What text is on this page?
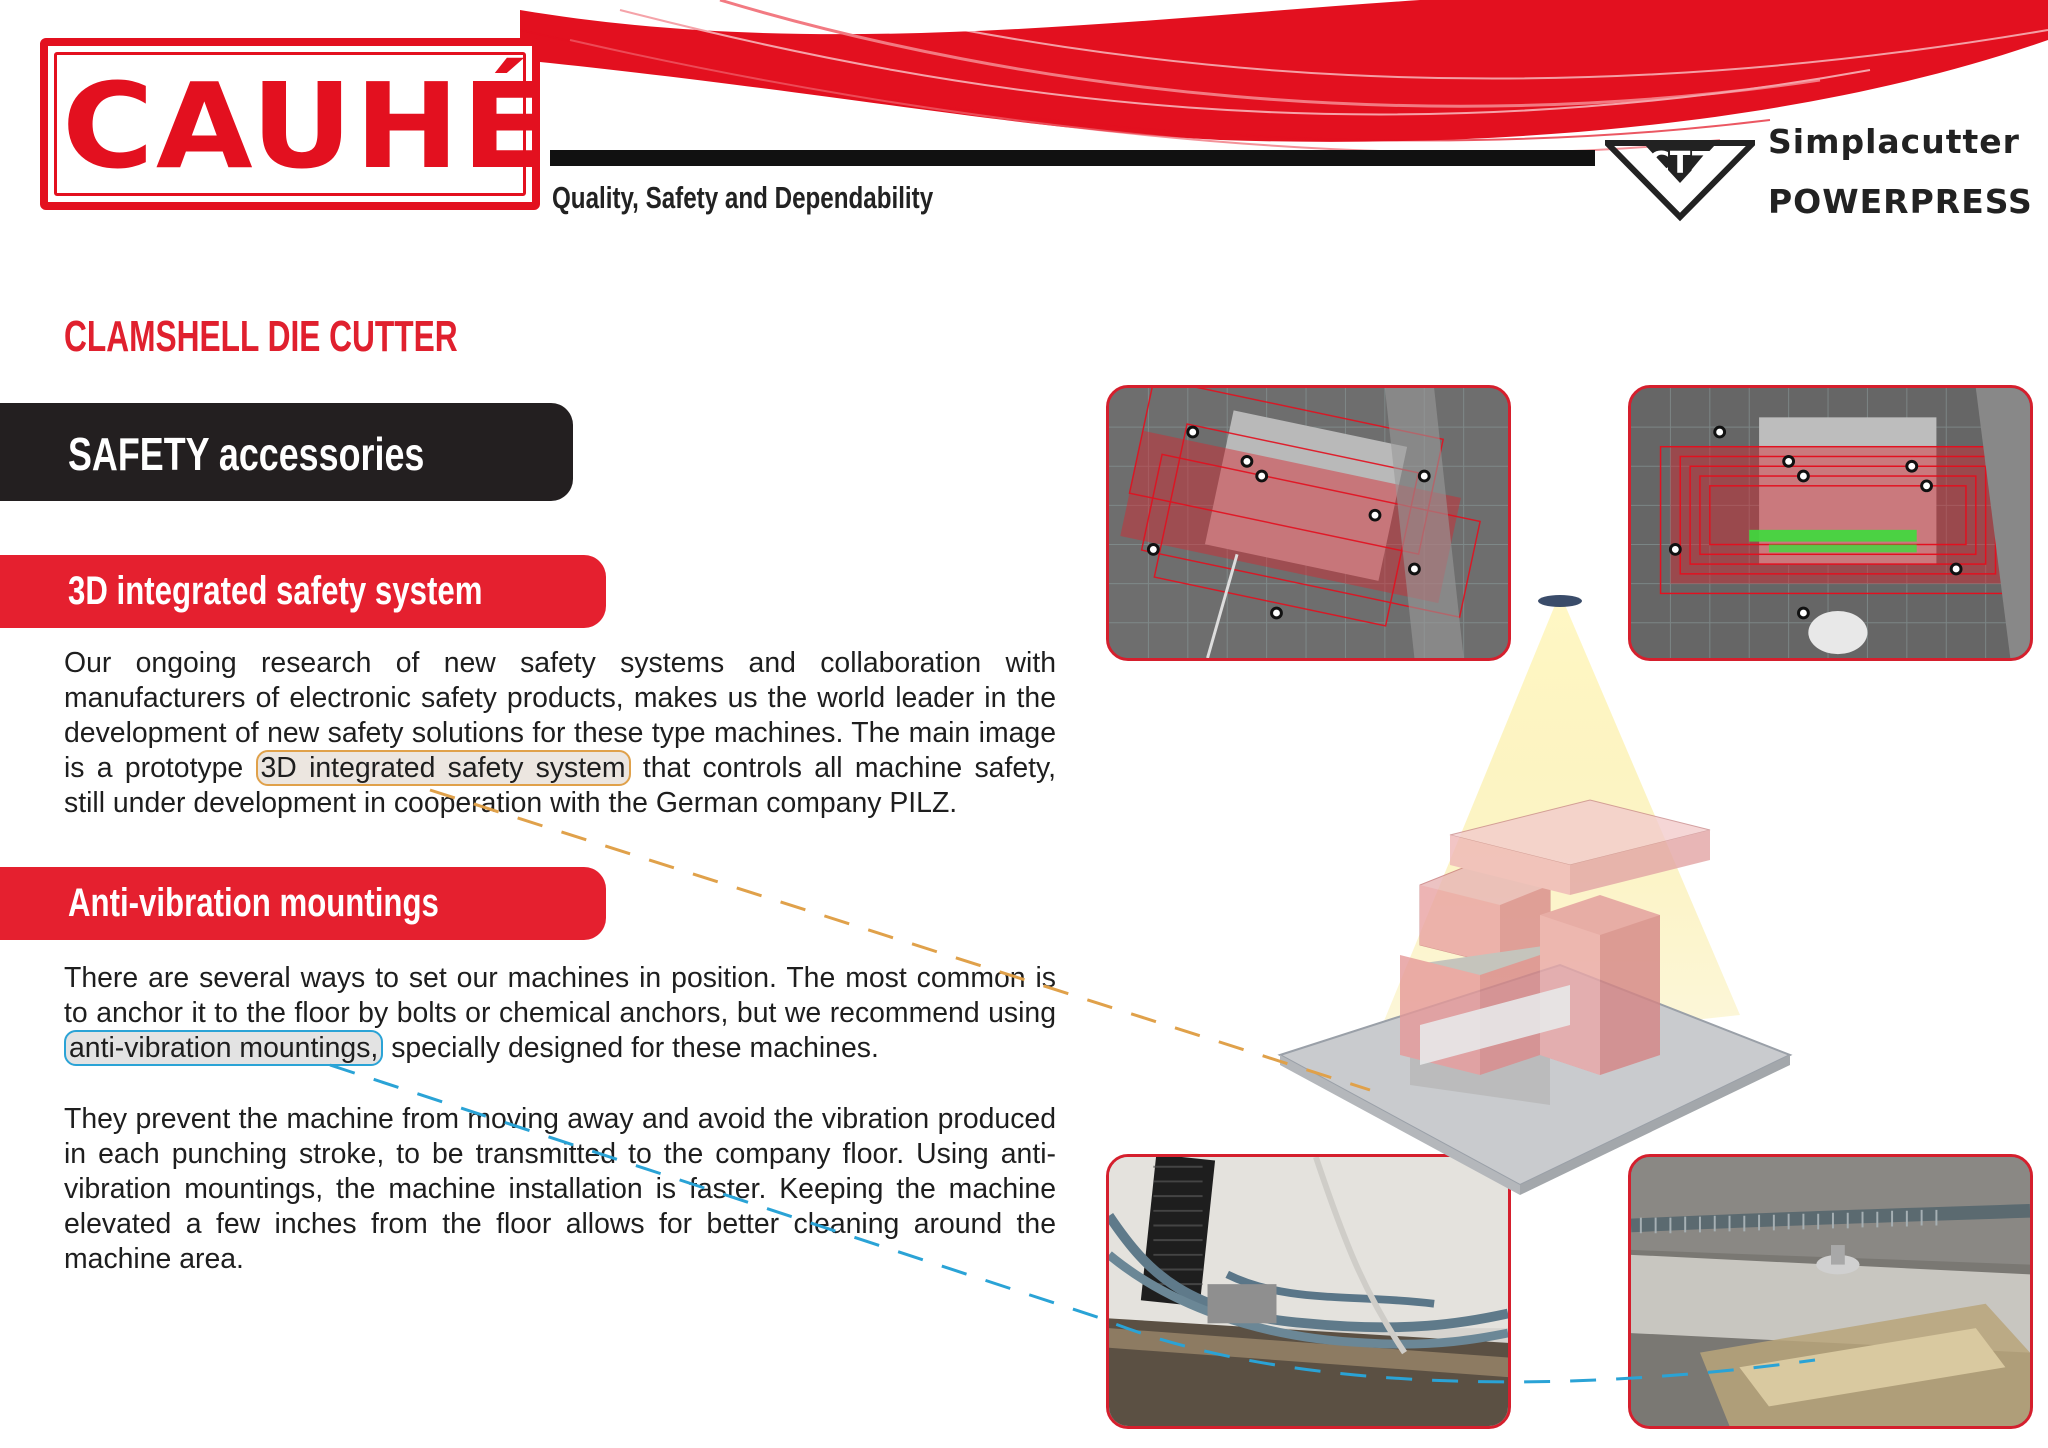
CAUHÉ
Quality, Safety and Dependability
CTZ
Simplacutter
POWERPRESS
CLAMSHELL DIE CUTTER
SAFETY accessories
3D integrated safety system
Our ongoing research of new safety systems and collaboration with manufacturers of electronic safety products, makes us the world leader in the development of new safety solutions for these type machines. The main image is a prototype 3D integrated safety system that controls all machine safety, still under development in cooperation with the German company PILZ.
Anti-vibration mountings
There are several ways to set our machines in position. The most common is to anchor it to the floor by bolts or chemical anchors, but we recommend using anti-vibration mountings, specially designed for these machines.
They prevent the machine from moving away and avoid the vibration produced in each punching stroke, to be transmitted to the company floor. Using anti-vibration mountings, the machine installation is faster. Keeping the machine elevated a few inches from the floor allows for better cleaning around the machine area.
